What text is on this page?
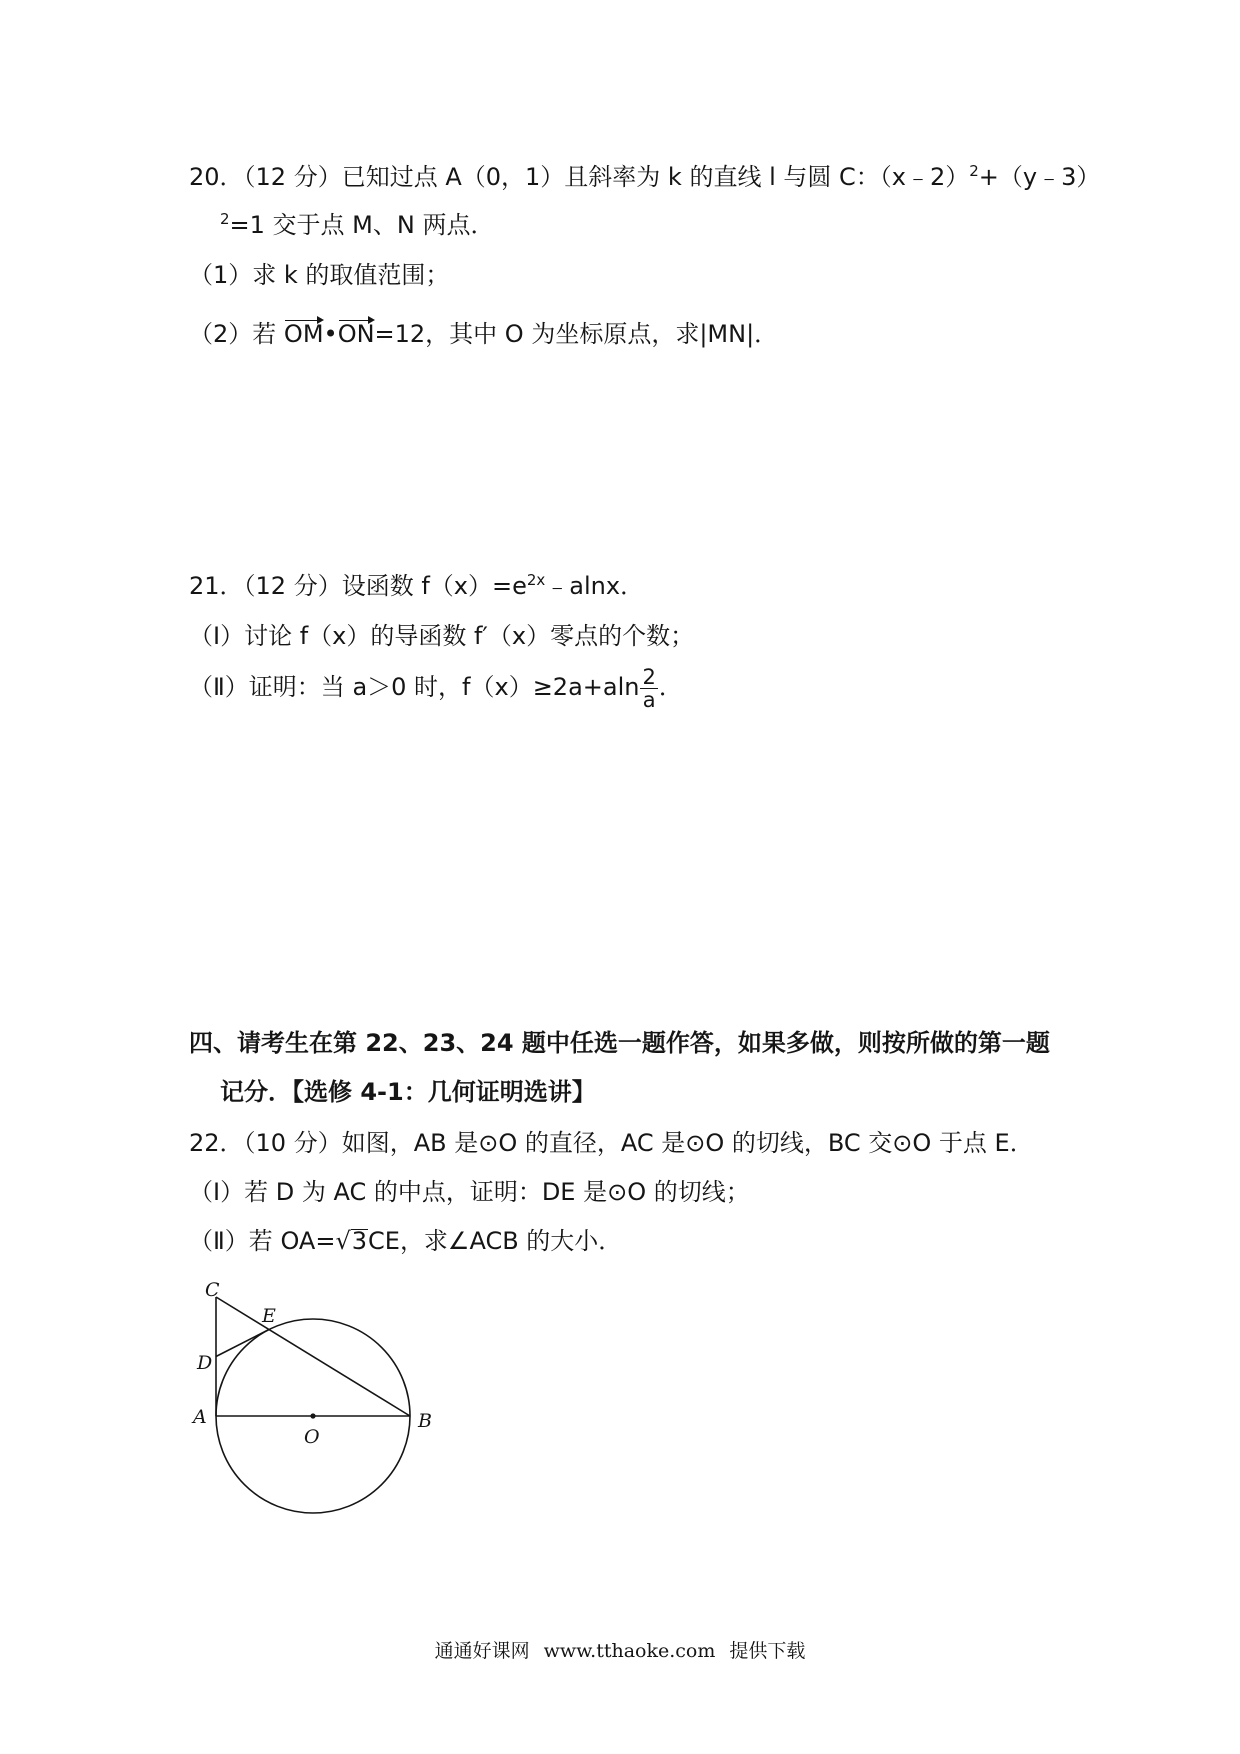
20．（12 分）已知过点 A（0，1）且斜率为 k 的直线 l 与圆 C：（x﹣2）$^2$+（y﹣3）
$^2$=1 交于点 M、N 两点．
（1）求 k 的取值范围；
（2）若 OM•ON=12，其中 O 为坐标原点，求|MN|．
21．（12 分）设函数 $f(x)=e^{2x}﹣alnx$．
（Ⅰ）讨论 f（x）的导函数 f′（x）零点的个数；
（Ⅱ）证明：当 a＞0 时，$f(x)\ge 2a+aln \frac{2}{a}$ ．
四、请考生在第 22、23、24 题中任选一题作答，如果多做，则按所做的第一题
记分．【选修 4-1：几何证明选讲】
22．（10 分）如图，AB 是⊙O 的直径，AC 是⊙O 的切线，BC 交⊙O 于点 E．
（Ⅰ）若 D 为 AC 的中点，证明：DE 是⊙O 的切线；
（Ⅱ）若 OA=√3CE，求∠ACB 的大小．
C
E
D
A
O
B
通通好课网 www.tthaoke.com 提供下载
